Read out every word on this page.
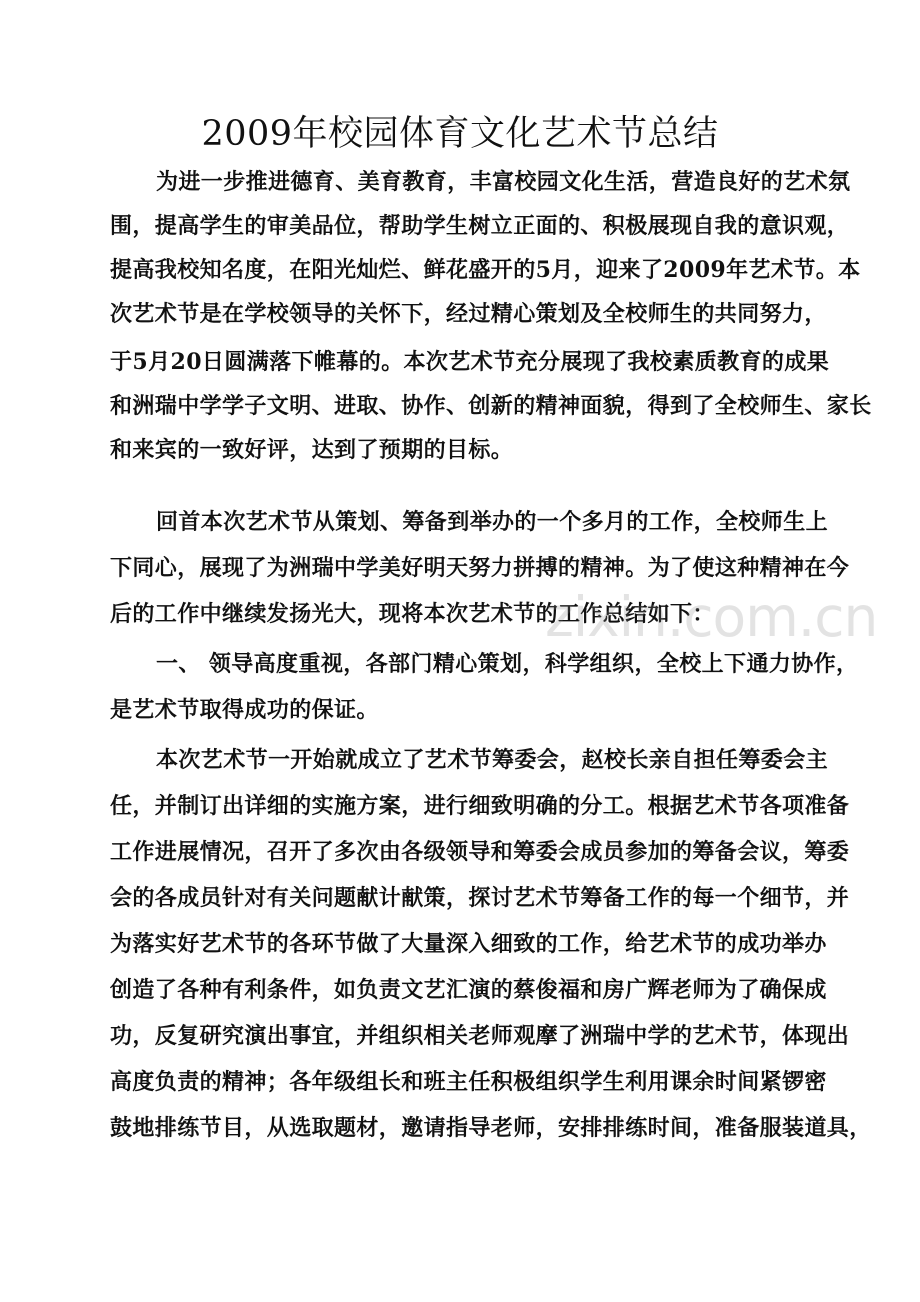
2009年校园体育文化艺术节总结
为进一步推进德育、美育教育，丰富校园文化生活，营造良好的艺术氛
围，提高学生的审美品位，帮助学生树立正面的、积极展现自我的意识观，
提高我校知名度，在阳光灿烂、鲜花盛开的5月，迎来了2009年艺术节。本
次艺术节是在学校领导的关怀下，经过精心策划及全校师生的共同努力，
于5月20日圆满落下帷幕的。本次艺术节充分展现了我校素质教育的成果
和洲瑞中学学子文明、进取、协作、创新的精神面貌，得到了全校师生、家长
和来宾的一致好评，达到了预期的目标。
回首本次艺术节从策划、筹备到举办的一个多月的工作，全校师生上
下同心，展现了为洲瑞中学美好明天努力拼搏的精神。为了使这种精神在今
后的工作中继续发扬光大，现将本次艺术节的工作总结如下：
一、 领导高度重视，各部门精心策划，科学组织，全校上下通力协作，
是艺术节取得成功的保证。
本次艺术节一开始就成立了艺术节筹委会，赵校长亲自担任筹委会主
任，并制订出详细的实施方案，进行细致明确的分工。根据艺术节各项准备
工作进展情况，召开了多次由各级领导和筹委会成员参加的筹备会议，筹委
会的各成员针对有关问题献计献策，探讨艺术节筹备工作的每一个细节，并
为落实好艺术节的各环节做了大量深入细致的工作，给艺术节的成功举办
创造了各种有利条件，如负责文艺汇演的蔡俊福和房广辉老师为了确保成
功，反复研究演出事宜，并组织相关老师观摩了洲瑞中学的艺术节，体现出
高度负责的精神；各年级组长和班主任积极组织学生利用课余时间紧锣密
鼓地排练节目，从选取题材，邀请指导老师，安排排练时间，准备服装道具，
zixin.com.cn
